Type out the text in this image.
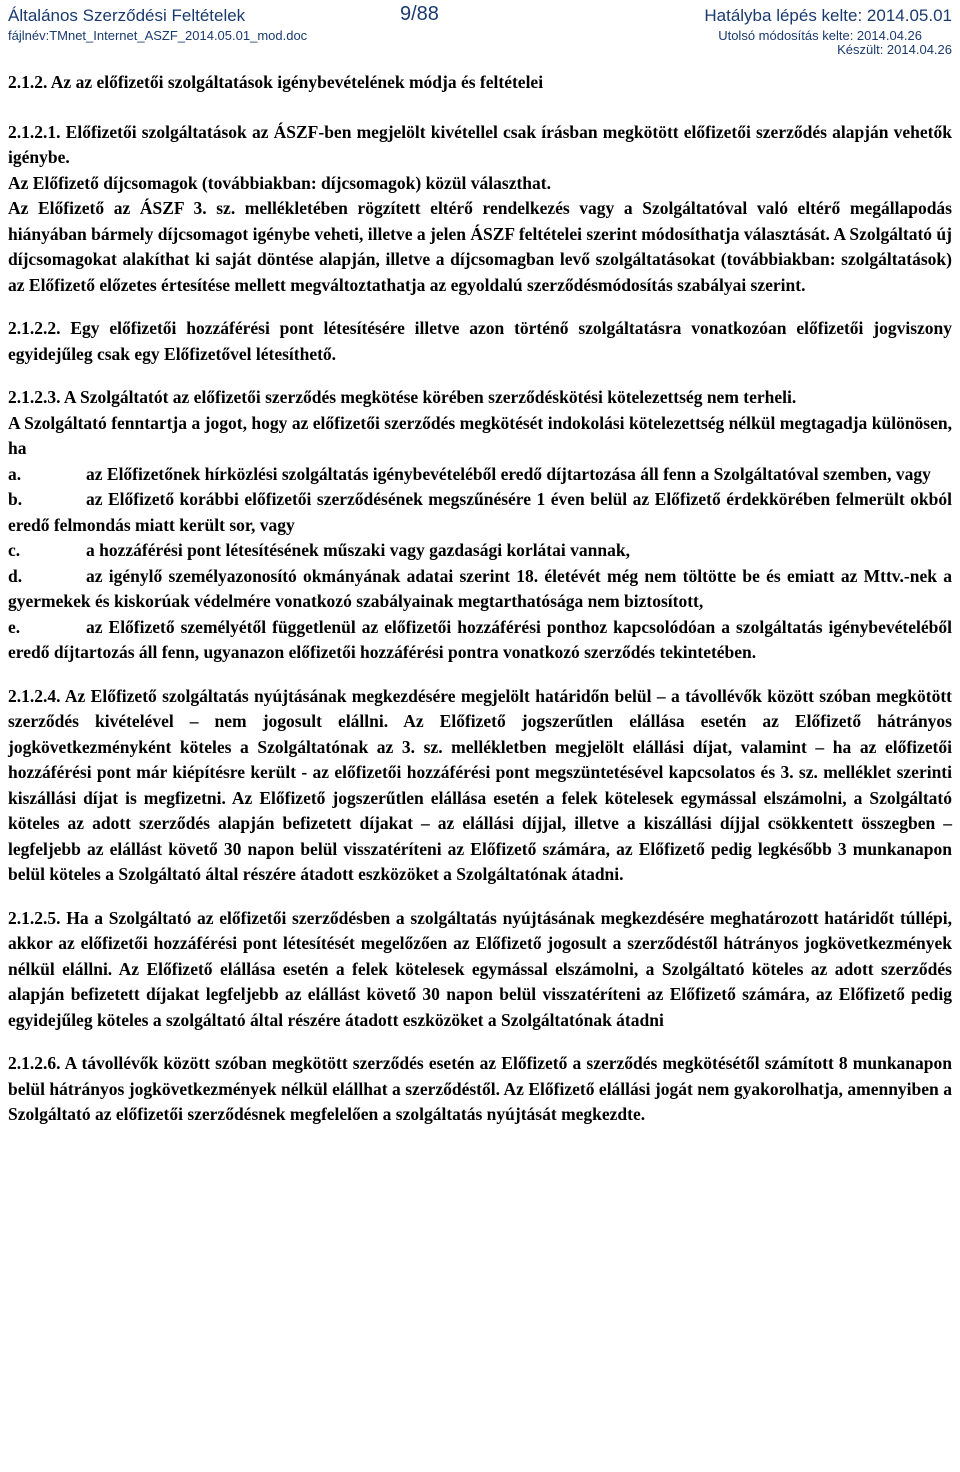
Általános Szerződési Feltételek
fájlnév:TMnet_Internet_ASZF_2014.05.01_mod.doc
9/88	Hatályba lépés kelte: 2014.05.01
Utolsó módosítás kelte: 2014.04.26
Készült: 2014.04.26

2.1.2. Az az előfizetői szolgáltatások igénybevételének módja és feltételei

2.1.2.1. Előfizetői szolgáltatások az ÁSZF-ben megjelölt kivétellel csak írásban megkötött előfizetői szerződés alapján vehetők igénybe.

Az Előfizető díjcsomagok (továbbiakban: díjcsomagok) közül választhat.

Az Előfizető az ÁSZF 3. sz. mellékletében rögzített eltérő rendelkezés vagy a Szolgáltatóval való eltérő megállapodás hiányában bármely díjcsomagot igénybe veheti, illetve a jelen ÁSZF feltételei szerint módosíthatja választását. A Szolgáltató új díjcsomagokat alakíthat ki saját döntése alapján, illetve a díjcsomagban levő szolgáltatásokat (továbbiakban: szolgáltatások) az Előfizető előzetes értesítése mellett megváltoztathatja az egyoldalú szerződésmódosítás szabályai szerint.

2.1.2.2. Egy előfizetői hozzáférési pont létesítésére illetve azon történő szolgáltatásra vonatkozóan előfizetői jogviszony egyidejűleg csak egy Előfizetővel létesíthető.

2.1.2.3. A Szolgáltatót az előfizetői szerződés megkötése körében szerződéskötési kötelezettség nem terheli.

A Szolgáltató fenntartja a jogot, hogy az előfizetői szerződés megkötését indokolási kötelezettség nélkül megtagadja különösen, ha

a.	az Előfizetőnek hírközlési szolgáltatás igénybevételéből eredő díjtartozása áll fenn a Szolgáltatóval szemben, vagy

b.	az Előfizető korábbi előfizetői szerződésének megszűnésére 1 éven belül az Előfizető érdekkörében felmerült okból eredő felmondás miatt került sor, vagy

c.	a hozzáférési pont létesítésének műszaki vagy gazdasági korlátai vannak,

d.	az igénylő személyazonosító okmányának adatai szerint 18. életévét még nem töltötte be és emiatt az Mttv.-nek a gyermekek és kiskorúak védelmére vonatkozó szabályainak megtarthatósága nem biztosított,

e.	az Előfizető személyétől függetlenül az előfizetői hozzáférési ponthoz kapcsolódóan a szolgáltatás igénybevételéből eredő díjtartozás áll fenn, ugyanazon előfizetői hozzáférési pontra vonatkozó szerződés tekintetében.

2.1.2.4. Az Előfizető szolgáltatás nyújtásának megkezdésére megjelölt határidőn belül – a távollévők között szóban megkötött szerződés kivételével – nem jogosult elállni. Az Előfizető jogszerűtlen elállása esetén az Előfizető hátrányos jogkövetkezményként köteles a Szolgáltatónak az 3. sz. mellékletben megjelölt elállási díjat, valamint – ha az előfizetői hozzáférési pont már kiépítésre került - az előfizetői hozzáférési pont megszüntetésével kapcsolatos és 3. sz. melléklet szerinti kiszállási díjat is megfizetni. Az Előfizető jogszerűtlen elállása esetén a felek kötelesek egymással elszámolni, a Szolgáltató köteles az adott szerződés alapján befizetett díjakat – az elállási díjjal, illetve a kiszállási díjjal csökkentett összegben – legfeljebb az elállást követő 30 napon belül visszatéríteni az Előfizető számára, az Előfizető pedig legkésőbb 3 munkanapon belül köteles a Szolgáltató által részére átadott eszközöket a Szolgáltatónak átadni.

2.1.2.5. Ha a Szolgáltató az előfizetői szerződésben a szolgáltatás nyújtásának megkezdésére meghatározott határidőt túllépi, akkor az előfizetői hozzáférési pont létesítését megelőzően az Előfizető jogosult a szerződéstől hátrányos jogkövetkezmények nélkül elállni. Az Előfizető elállása esetén a felek kötelesek egymással elszámolni, a Szolgáltató köteles az adott szerződés alapján befizetett díjakat legfeljebb az elállást követő 30 napon belül visszatéríteni az Előfizető számára, az Előfizető pedig egyidejűleg köteles a szolgáltató által részére átadott eszközöket a Szolgáltatónak átadni

2.1.2.6. A távollévők között szóban megkötött szerződés esetén az Előfizető a szerződés megkötésétől számított 8 munkanapon belül hátrányos jogkövetkezmények nélkül elállhat a szerződéstől. Az Előfizető elállási jogát nem gyakorolhatja, amennyiben a Szolgáltató az előfizetői szerződésnek megfelelően a szolgáltatás nyújtását megkezdte.
